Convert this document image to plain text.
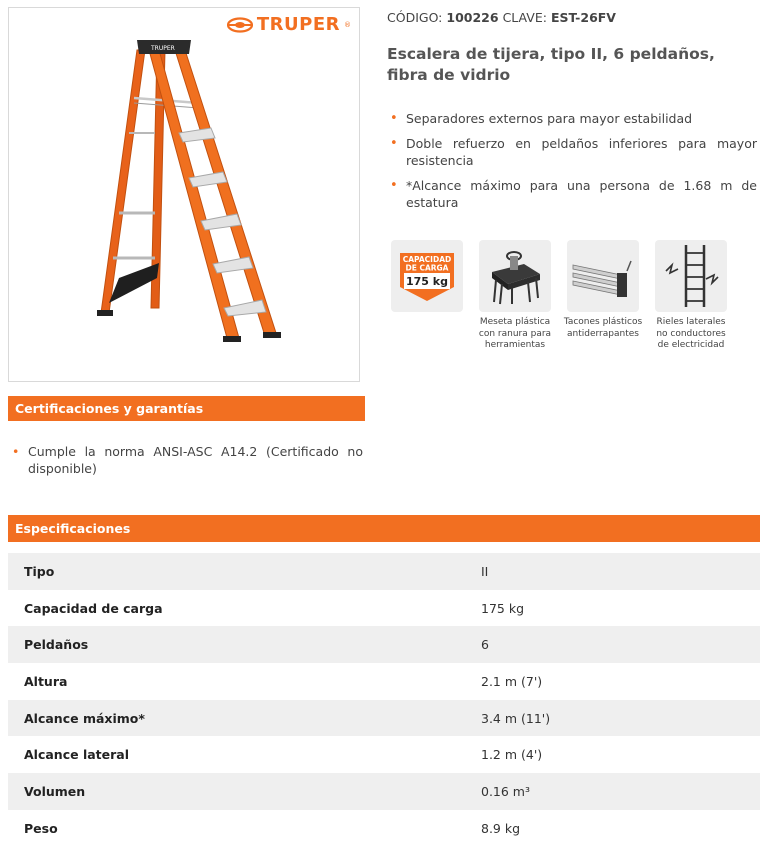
TRUPER ®
TRUPER
CÓDIGO: 100226 CLAVE: EST-26FV
Escalera de tijera, tipo II, 6 peldaños, fibra de vidrio
• Separadores externos para mayor estabilidad
• Doble refuerzo en peldaños inferiores para mayor resistencia
• *Alcance máximo para una persona de 1.68 m de estatura
CAPACIDAD
DE CARGA
175 kg
Meseta plástica con ranura para herramientas
Tacones plásticos antiderrapantes
Rieles laterales no conductores de electricidad
Certificaciones y garantías
• Cumple la norma ANSI-ASC A14.2 (Certificado no disponible)
Especificaciones
Tipo	II
Capacidad de carga	175 kg
Peldaños	6
Altura	2.1 m (7')
Alcance máximo*	3.4 m (11')
Alcance lateral	1.2 m (4')
Volumen	0.16 m³
Peso	8.9 kg
